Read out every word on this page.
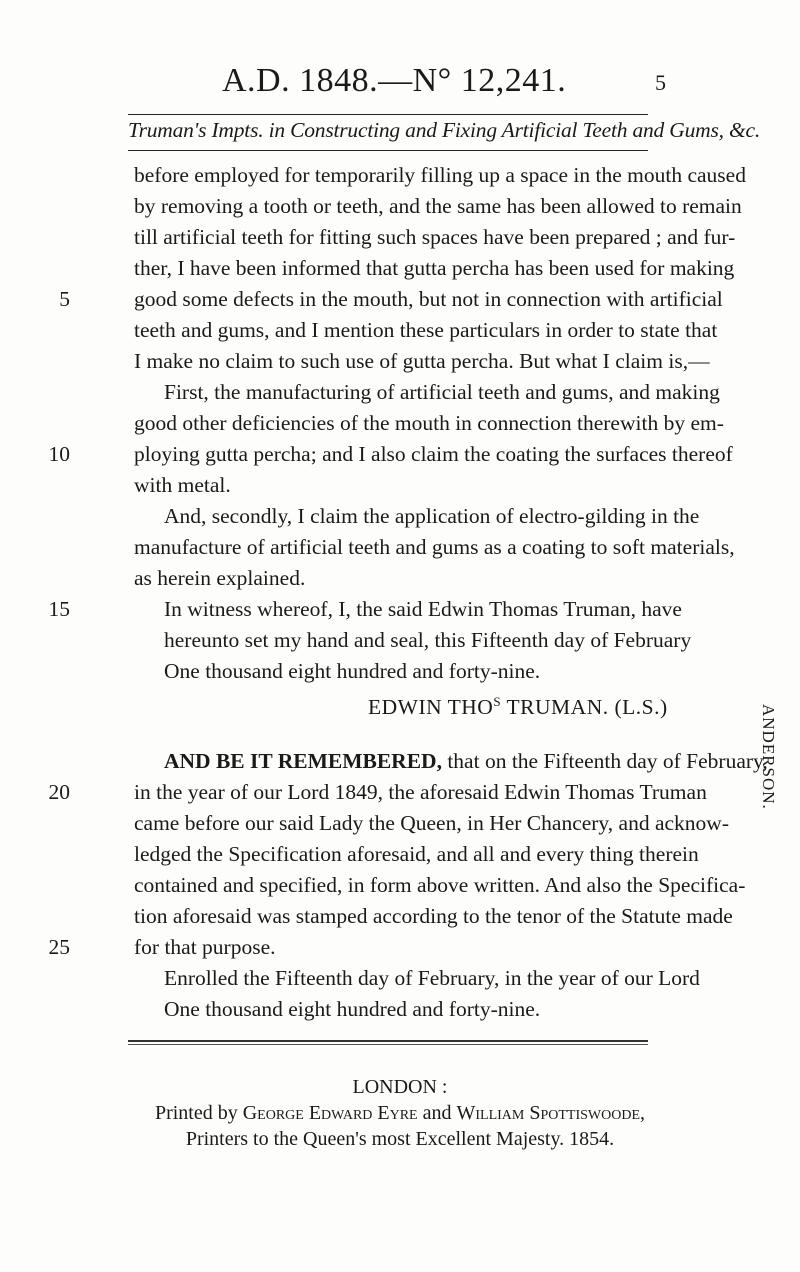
A.D. 1848.—N° 12,241.	5
Truman's Impts. in Constructing and Fixing Artificial Teeth and Gums, &c.
before employed for temporarily filling up a space in the mouth caused
by removing a tooth or teeth, and the same has been allowed to remain
till artificial teeth for fitting such spaces have been prepared ; and fur-
ther, I have been informed that gutta percha has been used for making
5	good some defects in the mouth, but not in connection with artificial
teeth and gums, and I mention these particulars in order to state that
I make no claim to such use of gutta percha. But what I claim is,—
First, the manufacturing of artificial teeth and gums, and making
good other deficiencies of the mouth in connection therewith by em-
10	ploying gutta percha; and I also claim the coating the surfaces thereof
with metal.
And, secondly, I claim the application of electro-gilding in the
manufacture of artificial teeth and gums as a coating to soft materials,
as herein explained.
15	In witness whereof, I, the said Edwin Thomas Truman, have
hereunto set my hand and seal, this Fifteenth day of February
One thousand eight hundred and forty-nine.
EDWIN $THO^S$ TRUMAN. (L.S.)
AND BE IT REMEMBERED, that on the Fifteenth day of February,
20	in the year of our Lord 1849, the aforesaid Edwin Thomas Truman
came before our said Lady the Queen, in Her Chancery, and acknow-
ledged the Specification aforesaid, and all and every thing therein
contained and specified, in form above written. And also the Specifica-
tion aforesaid was stamped according to the tenor of the Statute made
25	for that purpose.
Enrolled the Fifteenth day of February, in the year of our Lord
One thousand eight hundred and forty-nine.
ANDERSON.
LONDON :
Printed by George Edward Eyre and William Spottiswoode,
Printers to the Queen's most Excellent Majesty. 1854.
